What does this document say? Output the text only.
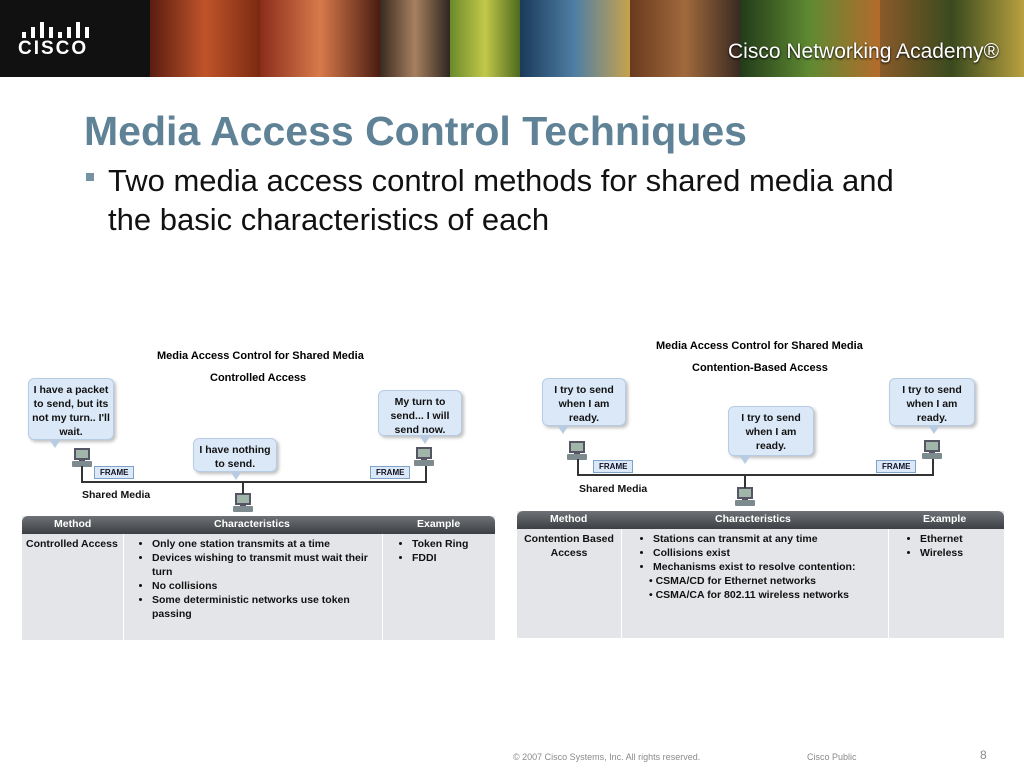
CISCO	Cisco Networking Academy®
Media Access Control Techniques
Two media access control methods for shared media and the basic characteristics of each
Media Access Control for Shared Media
Controlled Access
I have a packet to send, but its not my turn.. I'll wait.
My turn to send... I will send now.
I have nothing to send.
FRAME	FRAME
Shared Media
Method	Characteristics	Example
Controlled Access
•	Only one station transmits at a time
• Devices wishing to transmit must wait their turn
• No collisions
• Some deterministic networks use token passing
• Token Ring
• FDDI
Media Access Control for Shared Media
Contention-Based Access
I try to send when I am ready.
I try to send when I am ready.
I try to send when I am ready.
FRAME	FRAME
Shared Media
Method	Characteristics	Example
Contention Based Access
• Stations can transmit at any time
• Collisions exist
• Mechanisms exist to resolve contention:
• CSMA/CD for Ethernet networks
• CSMA/CA for 802.11 wireless networks
• Ethernet
• Wireless
© 2007 Cisco Systems, Inc. All rights reserved.	Cisco Public	8
